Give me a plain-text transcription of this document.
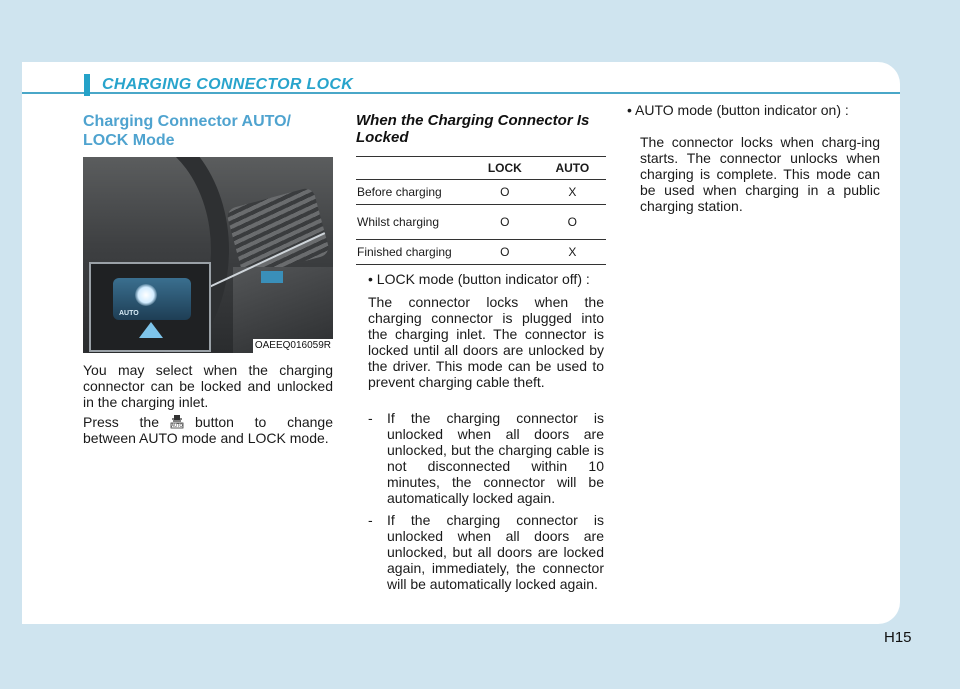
CHARGING CONNECTOR LOCK
Charging Connector AUTO/ LOCK Mode
AUTO
OAEEQ016059R

You may select when the charging connector can be locked and unlocked in the charging inlet.

Press the	AUTO button to change between AUTO mode and LOCK mode.

When the Charging Connector Is Locked
	LOCK	AUTO
Before charging	O	X
Whilst charging	O	O
Finished charging	O	X

• LOCK mode (button indicator off) :

The connector locks when the charging connector is plugged into the charging inlet. The connector is locked until all doors are unlocked by the driver. This mode can be used to prevent charging cable theft.

-	If the charging connector is unlocked when all doors are unlocked, but the charging cable is not disconnected within 10 minutes, the connector will be automatically locked again.
-	If the charging connector is unlocked when all doors are unlocked, but all doors are locked again, immediately, the connector will be automatically locked again.

• AUTO mode (button indicator on) :

The connector locks when charg-ing starts. The connector unlocks when charging is complete. This mode can be used when charging in a public charging station.

H15
